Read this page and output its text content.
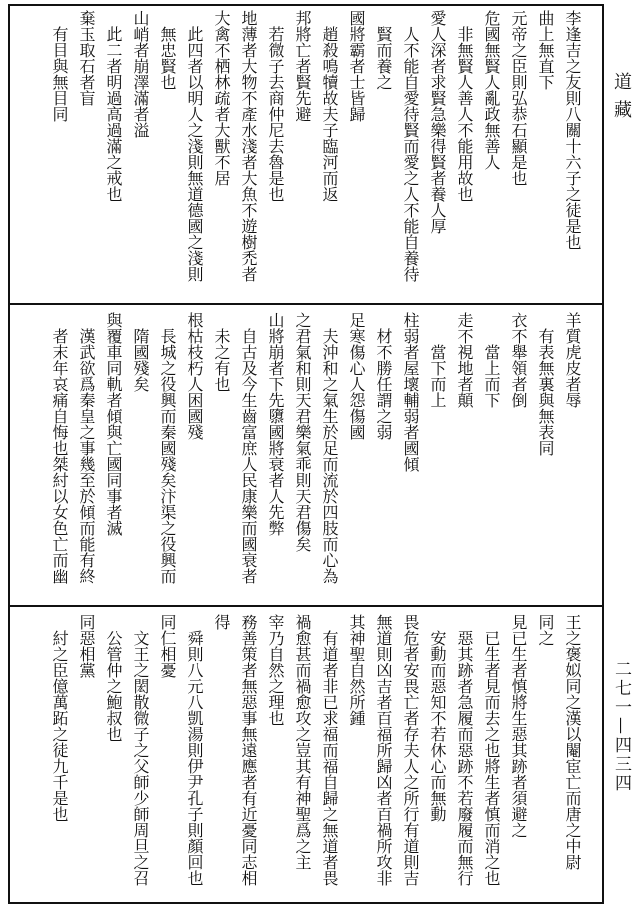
李逢吉之友則八關十六子之徒是也
曲上無直下
元帝之臣則弘恭石顯是也
危國無賢人亂政無善人
非無賢人善人不能用故也
愛人深者求賢急樂得賢者養人厚
人不能自愛待賢而愛之人不能自養待
賢而養之
國將霸者士皆歸
趙殺鳴犢故夫子臨河而返
邦將亡者賢先避
若微子去商仲尼去魯是也
地薄者大物不產水淺者大魚不遊樹禿者
大禽不栖林疏者大獸不居
此四者以明人之淺則無道德國之淺則
無忠賢也
山峭者崩澤滿者溢
此二者明過高過滿之戒也
棄玉取石者盲
有目與無目同
羊質虎皮者辱
有表無裏與無表同
衣不舉領者倒
當上而下
走不視地者顛
當下而上
柱弱者屋壞輔弱者國傾
材不勝任謂之弱
足寒傷心人怨傷國
夫沖和之氣生於足而流於四肢而心為
之君氣和則天君樂氣乖則天君傷矣
山將崩者下先隳國將衰者人先弊
自古及今生齒富庶人民康樂而國衰者
未之有也
根枯枝朽人困國殘
長城之役興而秦國殘矣汴渠之役興而
隋國殘矣
與覆車同軌者傾與亡國同事者滅
漢武欲爲秦皇之事幾至於傾而能有終
者末年哀痛自悔也桀紂以女色亡而幽
王之褒姒同之漢以閹宦亡而唐之中尉
同之
見已生者慎將生惡其跡者須避之
已生者見而去之也將生者慎而消之也
惡其跡者急履而惡跡不若廢履而無行
安動而惡知不若休心而無動
畏危者安畏亡者存夫人之所行有道則吉
無道則凶吉者百福所歸凶者百禍所攻非
其神聖自然所鍾
有道者非已求福而福自歸之無道者畏
禍愈甚而禍愈攻之豈其有神聖爲之主
宰乃自然之理也
務善策者無惡事無遠應者有近憂同志相
得
舜則八元八凱湯則伊尹孔子則顏回也
同仁相憂
文王之閎散微子之父師少師周旦之召
公管仲之鮑叔也
同惡相黨
紂之臣億萬跖之徒九千是也
道藏
二七一—四三四
